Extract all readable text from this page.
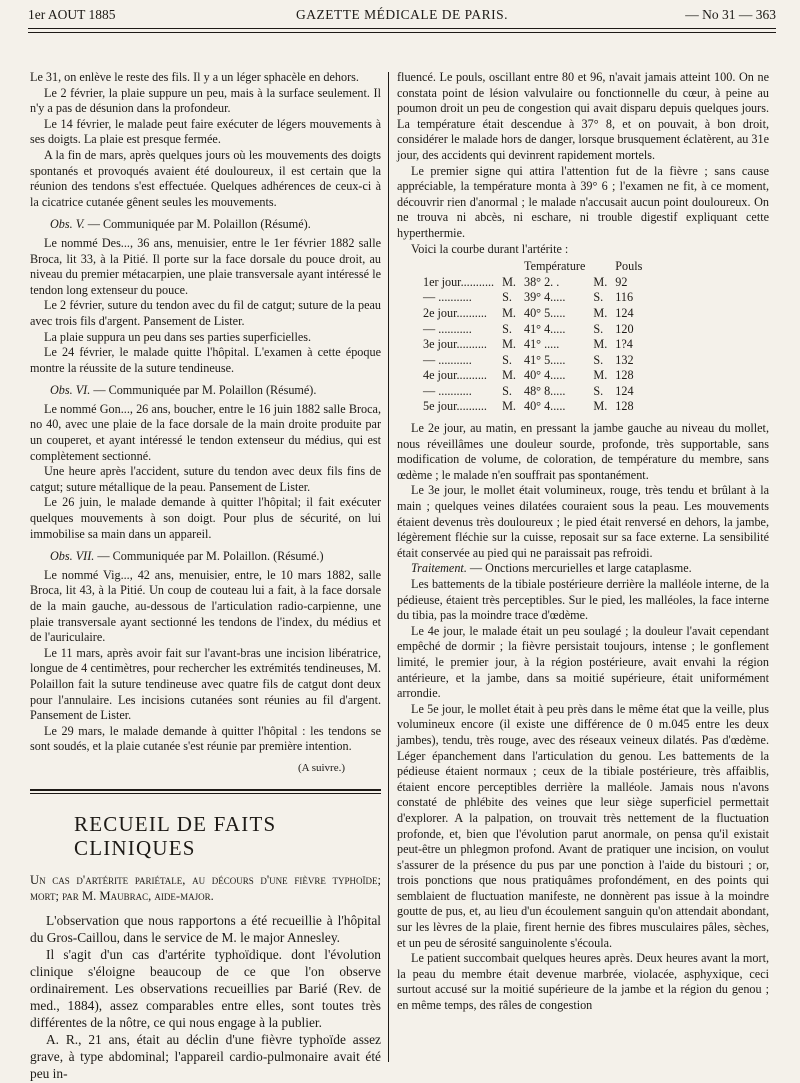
1er AOUT 1885	GAZETTE MÉDICALE DE PARIS.	— No 31 — 363

Le 31, on enlève le reste des fils. Il y a un léger sphacèle en dehors.

Le 2 février, la plaie suppure un peu, mais à la surface seulement. Il n'y a pas de désunion dans la profondeur.

Le 14 février, le malade peut faire exécuter de légers mouvements à ses doigts. La plaie est presque fermée.

A la fin de mars, après quelques jours où les mouvements des doigts spontanés et provoqués avaient été douloureux, il est certain que la réunion des tendons s'est effectuée. Quelques adhérences de ceux-ci à la cicatrice cutanée gênent seules les mouvements.

Obs. V. — Communiquée par M. Polaillon (Résumé).

Le nommé Des..., 36 ans, menuisier, entre le 1er février 1882 salle Broca, lit 33, à la Pitié. Il porte sur la face dorsale du pouce droit, au niveau du premier métacarpien, une plaie transversale ayant intéressé le tendon long extenseur du pouce.

Le 2 février, suture du tendon avec du fil de catgut; suture de la peau avec trois fils d'argent. Pansement de Lister.

La plaie suppura un peu dans ses parties superficielles.

Le 24 février, le malade quitte l'hôpital. L'examen à cette époque montre la réussite de la suture tendineuse.

Obs. VI. — Communiquée par M. Polaillon (Résumé).

Le nommé Gon..., 26 ans, boucher, entre le 16 juin 1882 salle Broca, no 40, avec une plaie de la face dorsale de la main droite produite par un couperet, et ayant intéressé le tendon extenseur du médius, qui est complètement sectionné.

Une heure après l'accident, suture du tendon avec deux fils fins de catgut; suture métallique de la peau. Pansement de Lister.

Le 26 juin, le malade demande à quitter l'hôpital; il fait exécuter quelques mouvements à son doigt. Pour plus de sécurité, on lui immobilise sa main dans un appareil.

Obs. VII. — Communiquée par M. Polaillon. (Résumé.)

Le nommé Vig..., 42 ans, menuisier, entre, le 10 mars 1882, salle Broca, lit 43, à la Pitié. Un coup de couteau lui a fait, à la face dorsale de la main gauche, au-dessous de l'articulation radio-carpienne, une plaie transversale ayant sectionné les tendons de l'index, du médius et de l'auriculaire.

Le 11 mars, après avoir fait sur l'avant-bras une incision libératrice, longue de 4 centimètres, pour rechercher les extrémités tendineuses, M. Polaillon fait la suture tendineuse avec quatre fils de catgut dont deux pour l'annulaire. Les incisions cutanées sont réunies au fil d'argent. Pansement de Lister.

Le 29 mars, le malade demande à quitter l'hôpital : les tendons se sont soudés, et la plaie cutanée s'est réunie par première intention.

(A suivre.)
RECUEIL DE FAITS CLINIQUES
Un cas d'artérite pariétale, au décours d'une fièvre typhoïde; mort; par M. Maubrac, aide-major.

L'observation que nous rapportons a été recueillie à l'hôpital du Gros-Caillou, dans le service de M. le major Annesley.

Il s'agit d'un cas d'artérite typhoïdique. dont l'évolution clinique s'éloigne beaucoup de ce que l'on observe ordinairement. Les observations recueillies par Barié (Rev. de med., 1884), assez comparables entre elles, sont toutes très différentes de la nôtre, ce qui nous engage à la publier.

A. R., 21 ans, était au déclin d'une fièvre typhoïde assez grave, à type abdominal; l'appareil cardio-pulmonaire avait été peu in-

fluencé. Le pouls, oscillant entre 80 et 96, n'avait jamais atteint 100. On ne constata point de lésion valvulaire ou fonctionnelle du cœur, à peine au poumon droit un peu de congestion qui avait disparu depuis quelques jours. La température était descendue à 37° 8, et on pouvait, à bon droit, considérer le malade hors de danger, lorsque brusquement éclatèrent, au 31e jour, des accidents qui devinrent rapidement mortels.

Le premier signe qui attira l'attention fut de la fièvre ; sans cause appréciable, la température monta à 39° 6 ; l'examen ne fit, à ce moment, découvrir rien d'anormal ; le malade n'accusait aucun point douloureux. On ne trouva ni abcès, ni eschare, ni trouble digestif expliquant cette hyperthermie.

Voici la courbe durant l'artérite :

		Température		Pouls
1er jour...........	M.	38° 2. .	M.	92
— ...........	S.	39° 4.....	S.	116
2e jour..........	M.	40° 5.....	M.	124
— ...........	S.	41° 4.....	S.	120
3e jour..........	M.	41° .....	M.	1?4
— ...........	S.	41° 5.....	S.	132
4e jour..........	M.	40° 4.....	M.	128
— ...........	S.	48° 8.....	S.	124
5e jour..........	M.	40° 4.....	M.	128

Le 2e jour, au matin, en pressant la jambe gauche au niveau du mollet, nous réveillâmes une douleur sourde, profonde, très supportable, sans modification de volume, de coloration, de température du membre, sans œdème ; le malade n'en souffrait pas spontanément.

Le 3e jour, le mollet était volumineux, rouge, très tendu et brûlant à la main ; quelques veines dilatées couraient sous la peau. Les mouvements étaient devenus très douloureux ; le pied était renversé en dehors, la jambe, légèrement fléchie sur la cuisse, reposait sur sa face externe. La sensibilité était conservée au pied qui ne paraissait pas refroidi.

Traitement. — Onctions mercurielles et large cataplasme.

Les battements de la tibiale postérieure derrière la malléole interne, de la pédieuse, étaient très perceptibles. Sur le pied, les malléoles, la face interne du tibia, pas la moindre trace d'œdème.

Le 4e jour, le malade était un peu soulagé ; la douleur l'avait cependant empêché de dormir ; la fièvre persistait toujours, intense ; le gonflement limité, le premier jour, à la région postérieure, avait envahi la région antérieure, et la jambe, dans sa moitié supérieure, était uniformément arrondie.

Le 5e jour, le mollet était à peu près dans le même état que la veille, plus volumineux encore (il existe une différence de 0 m.045 entre les deux jambes), tendu, très rouge, avec des réseaux veineux dilatés. Pas d'œdème. Léger épanchement dans l'articulation du genou. Les battements de la pédieuse étaient normaux ; ceux de la tibiale postérieure, très affaiblis, étaient encore perceptibles derrière la malléole. Jamais nous n'avons constaté de phlébite des veines que leur siège superficiel permettait d'explorer. A la palpation, on trouvait très nettement de la fluctuation profonde, et, bien que l'évolution parut anormale, on pensa qu'il existait peut-être un phlegmon profond. Avant de pratiquer une incision, on voulut s'assurer de la présence du pus par une ponction à l'aide du bistouri ; or, trois ponctions que nous pratiquâmes profondément, en des points qui semblaient de fluctuation manifeste, ne donnèrent pas issue à la moindre goutte de pus, et, au lieu d'un écoulement sanguin qu'on attendait abondant, sur les lèvres de la plaie, firent hernie des fibres musculaires pâles, sèches, et un peu de sérosité sanguinolente s'écoula.

Le patient succombait quelques heures après. Deux heures avant la mort, la peau du membre était devenue marbrée, violacée, asphyxique, ceci surtout accusé sur la moitié supérieure de la jambe et la région du genou ; en même temps, des râles de congestion
